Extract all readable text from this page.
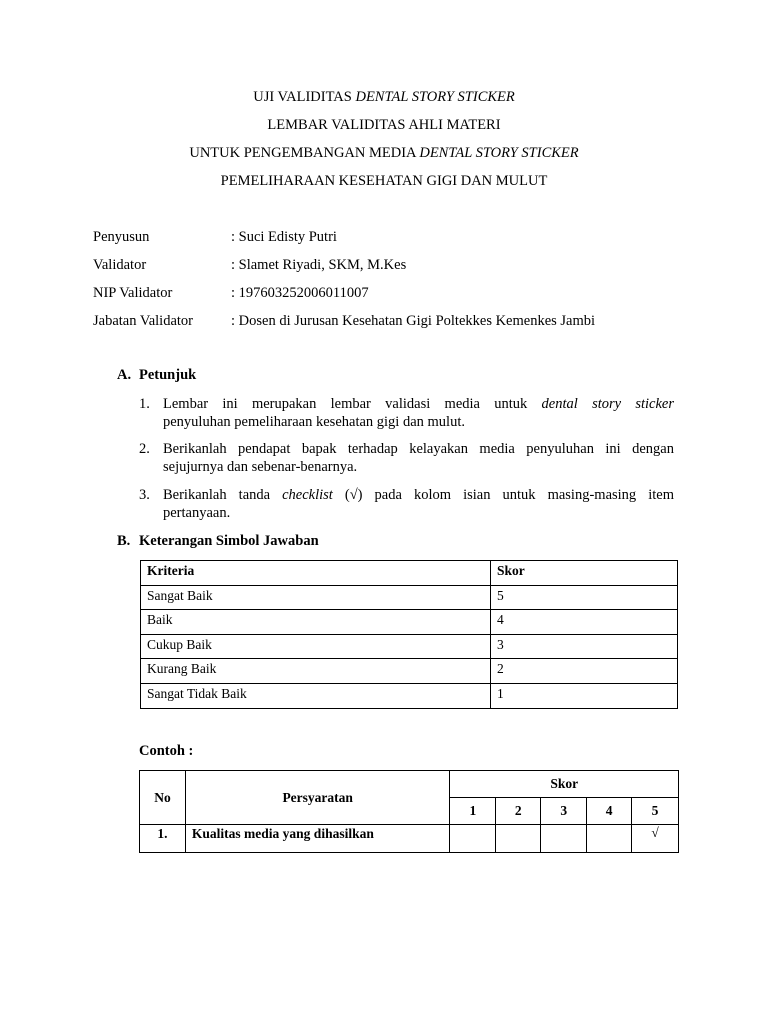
UJI VALIDITAS DENTAL STORY STICKER
LEMBAR VALIDITAS AHLI MATERI
UNTUK PENGEMBANGAN MEDIA DENTAL STORY STICKER
PEMELIHARAAN KESEHATAN GIGI DAN MULUT
Penyusun	: Suci Edisty Putri
Validator	: Slamet Riyadi, SKM, M.Kes
NIP Validator	: 197603252006011007
Jabatan Validator	: Dosen di Jurusan Kesehatan Gigi Poltekkes Kemenkes Jambi
A. Petunjuk
1. Lembar ini merupakan lembar validasi media untuk dental story sticker
penyuluhan pemeliharaan kesehatan gigi dan mulut.
2. Berikanlah pendapat bapak terhadap kelayakan media penyuluhan ini dengan
sejujurnya dan sebenar-benarnya.
3. Berikanlah tanda checklist (√) pada kolom isian untuk masing-masing item
pertanyaan.
B. Keterangan Simbol Jawaban
Kriteria	Skor
Sangat Baik	5
Baik	4
Cukup Baik	3
Kurang Baik	2
Sangat Tidak Baik	1
Contoh :
No	Persyaratan	Skor				
		1	2	3	4	5
1.	Kualitas media yang dihasilkan					√
